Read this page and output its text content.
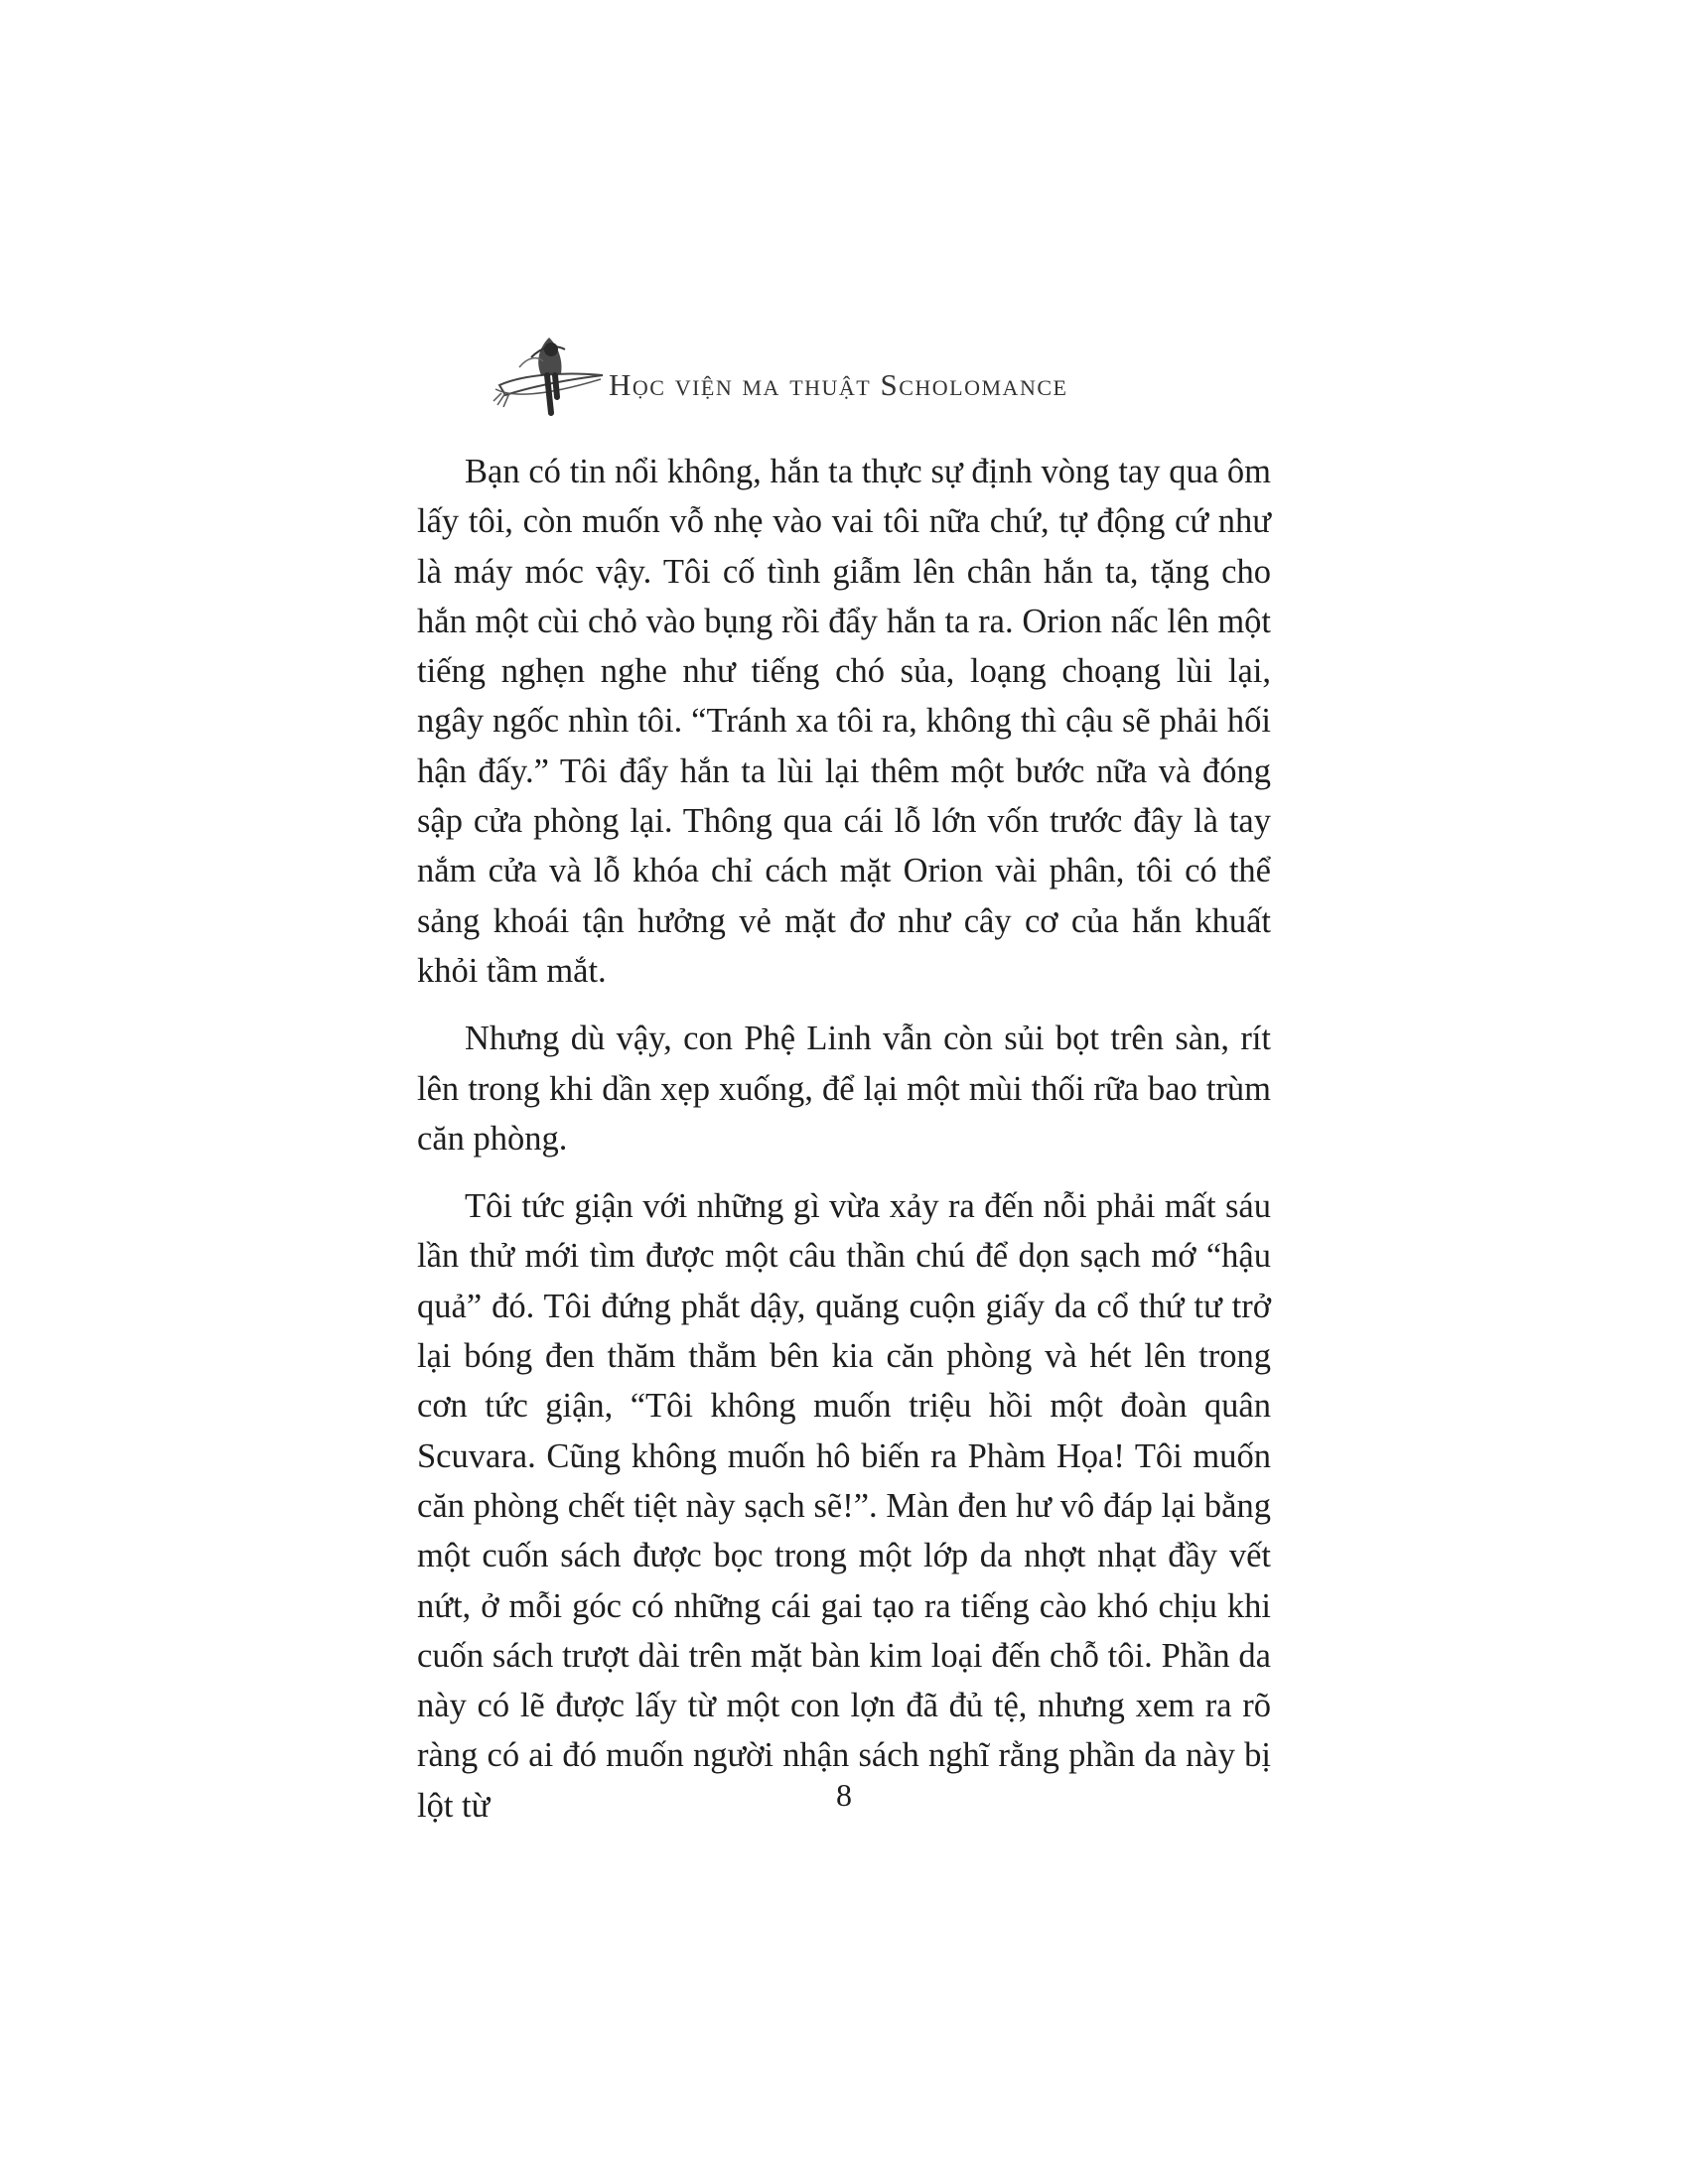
Học viện ma thuật Scholomance

Bạn có tin nổi không, hắn ta thực sự định vòng tay qua ôm lấy tôi, còn muốn vỗ nhẹ vào vai tôi nữa chứ, tự động cứ như là máy móc vậy. Tôi cố tình giẫm lên chân hắn ta, tặng cho hắn một cùi chỏ vào bụng rồi đẩy hắn ta ra. Orion nấc lên một tiếng nghẹn nghe như tiếng chó sủa, loạng choạng lùi lại, ngây ngốc nhìn tôi. “Tránh xa tôi ra, không thì cậu sẽ phải hối hận đấy.” Tôi đẩy hắn ta lùi lại thêm một bước nữa và đóng sập cửa phòng lại. Thông qua cái lỗ lớn vốn trước đây là tay nắm cửa và lỗ khóa chỉ cách mặt Orion vài phân, tôi có thể sảng khoái tận hưởng vẻ mặt đơ như cây cơ của hắn khuất khỏi tầm mắt.

Nhưng dù vậy, con Phệ Linh vẫn còn sủi bọt trên sàn, rít lên trong khi dần xẹp xuống, để lại một mùi thối rữa bao trùm căn phòng.

Tôi tức giận với những gì vừa xảy ra đến nỗi phải mất sáu lần thử mới tìm được một câu thần chú để dọn sạch mớ “hậu quả” đó. Tôi đứng phắt dậy, quăng cuộn giấy da cổ thứ tư trở lại bóng đen thăm thẳm bên kia căn phòng và hét lên trong cơn tức giận, “Tôi không muốn triệu hồi một đoàn quân Scuvara. Cũng không muốn hô biến ra Phàm Họa! Tôi muốn căn phòng chết tiệt này sạch sẽ!”. Màn đen hư vô đáp lại bằng một cuốn sách được bọc trong một lớp da nhợt nhạt đầy vết nứt, ở mỗi góc có những cái gai tạo ra tiếng cào khó chịu khi cuốn sách trượt dài trên mặt bàn kim loại đến chỗ tôi. Phần da này có lẽ được lấy từ một con lợn đã đủ tệ, nhưng xem ra rõ ràng có ai đó muốn người nhận sách nghĩ rằng phần da này bị lột từ	8
